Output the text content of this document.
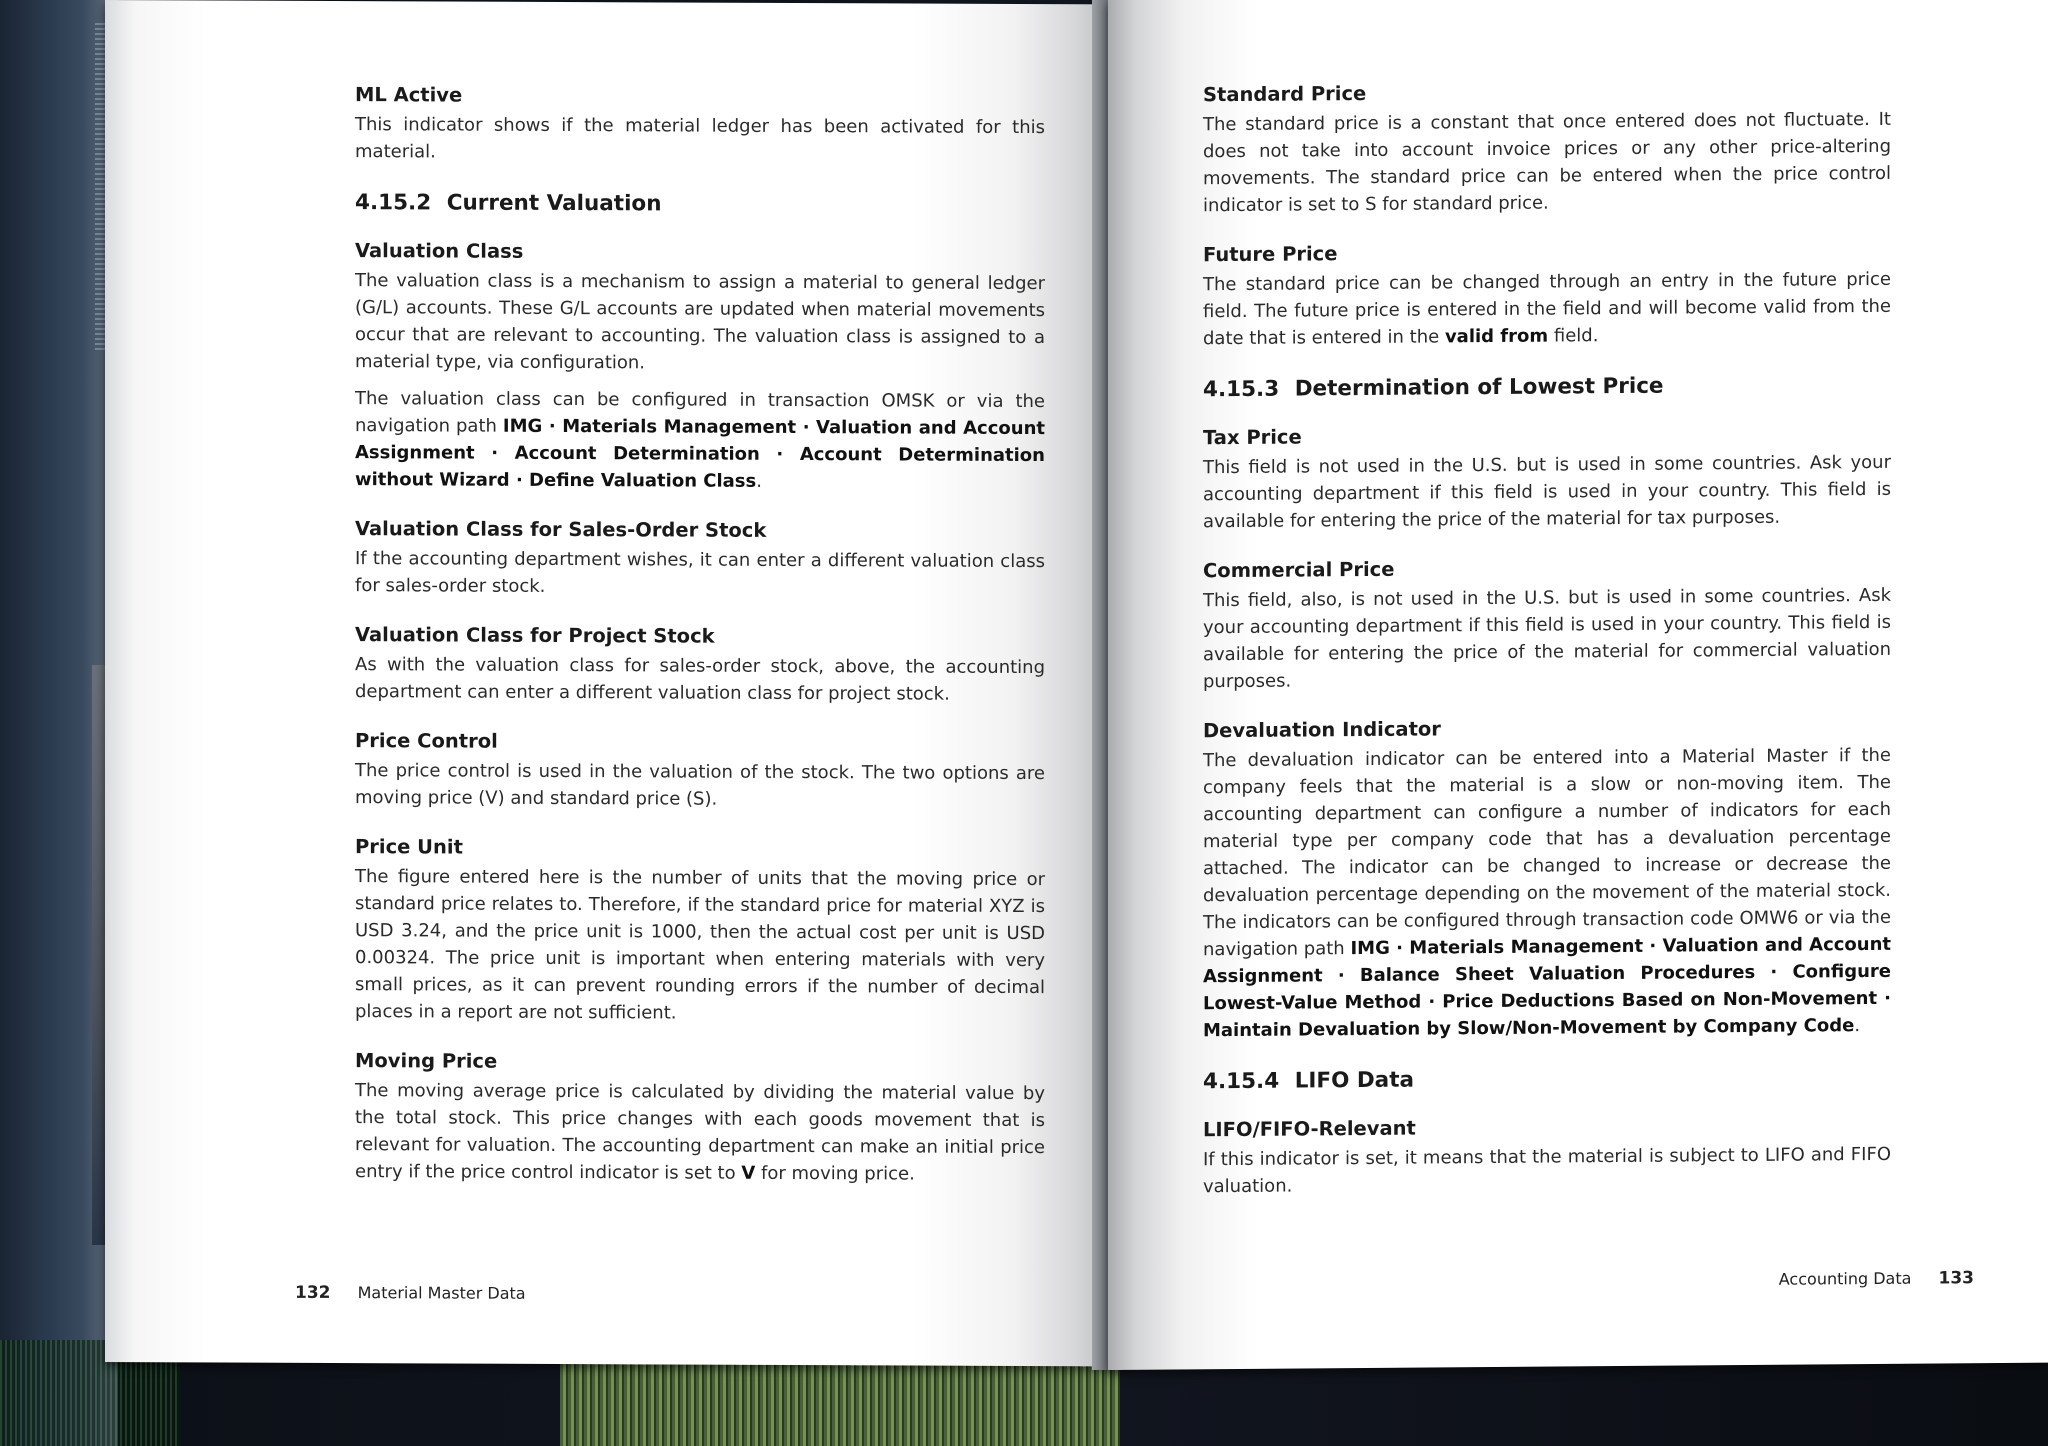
ML Active

This indicator shows if the material ledger has been activated for this material.

4.15.2 Current Valuation
Valuation Class

The valuation class is a mechanism to assign a material to general ledger (G/L) accounts. These G/L accounts are updated when material movements occur that are relevant to accounting. The valuation class is assigned to a material type, via configuration.

The valuation class can be configured in transaction OMSK or via the navigation path IMG · Materials Management · Valuation and Account Assignment · Account Determination · Account Determination without Wizard · Define Valuation Class.

Valuation Class for Sales-Order Stock

If the accounting department wishes, it can enter a different valuation class for sales-order stock.

Valuation Class for Project Stock

As with the valuation class for sales-order stock, above, the accounting department can enter a different valuation class for project stock.

Price Control

The price control is used in the valuation of the stock. The two options are moving price (V) and standard price (S).

Price Unit

The figure entered here is the number of units that the moving price or standard price relates to. Therefore, if the standard price for material XYZ is USD 3.24, and the price unit is 1000, then the actual cost per unit is USD 0.00324. The price unit is important when entering materials with very small prices, as it can prevent rounding errors if the number of decimal places in a report are not sufficient.

Moving Price

The moving average price is calculated by dividing the material value by the total stock. This price changes with each goods movement that is relevant for valuation. The accounting department can make an initial price entry if the price control indicator is set to V for moving price.

132 Material Master Data
Standard Price

The standard price is a constant that once entered does not fluctuate. It does not take into account invoice prices or any other price-altering movements. The standard price can be entered when the price control indicator is set to S for standard price.

Future Price

The standard price can be changed through an entry in the future price field. The future price is entered in the field and will become valid from the date that is entered in the valid from field.

4.15.3 Determination of Lowest Price
Tax Price

This field is not used in the U.S. but is used in some countries. Ask your accounting department if this field is used in your country. This field is available for entering the price of the material for tax purposes.

Commercial Price

This field, also, is not used in the U.S. but is used in some countries. Ask your accounting department if this field is used in your country. This field is available for entering the price of the material for commercial valuation purposes.

Devaluation Indicator

The devaluation indicator can be entered into a Material Master if the company feels that the material is a slow or non-moving item. The accounting department can configure a number of indicators for each material type per company code that has a devaluation percentage attached. The indicator can be changed to increase or decrease the devaluation percentage depending on the movement of the material stock. The indicators can be configured through transaction code OMW6 or via the navigation path IMG · Materials Management · Valuation and Account Assignment · Balance Sheet Valuation Procedures · Configure Lowest-Value Method · Price Deductions Based on Non-Movement · Maintain Devaluation by Slow/Non-Movement by Company Code.

4.15.4 LIFO Data
LIFO/FIFO-Relevant

If this indicator is set, it means that the material is subject to LIFO and FIFO valuation.

Accounting Data 133
